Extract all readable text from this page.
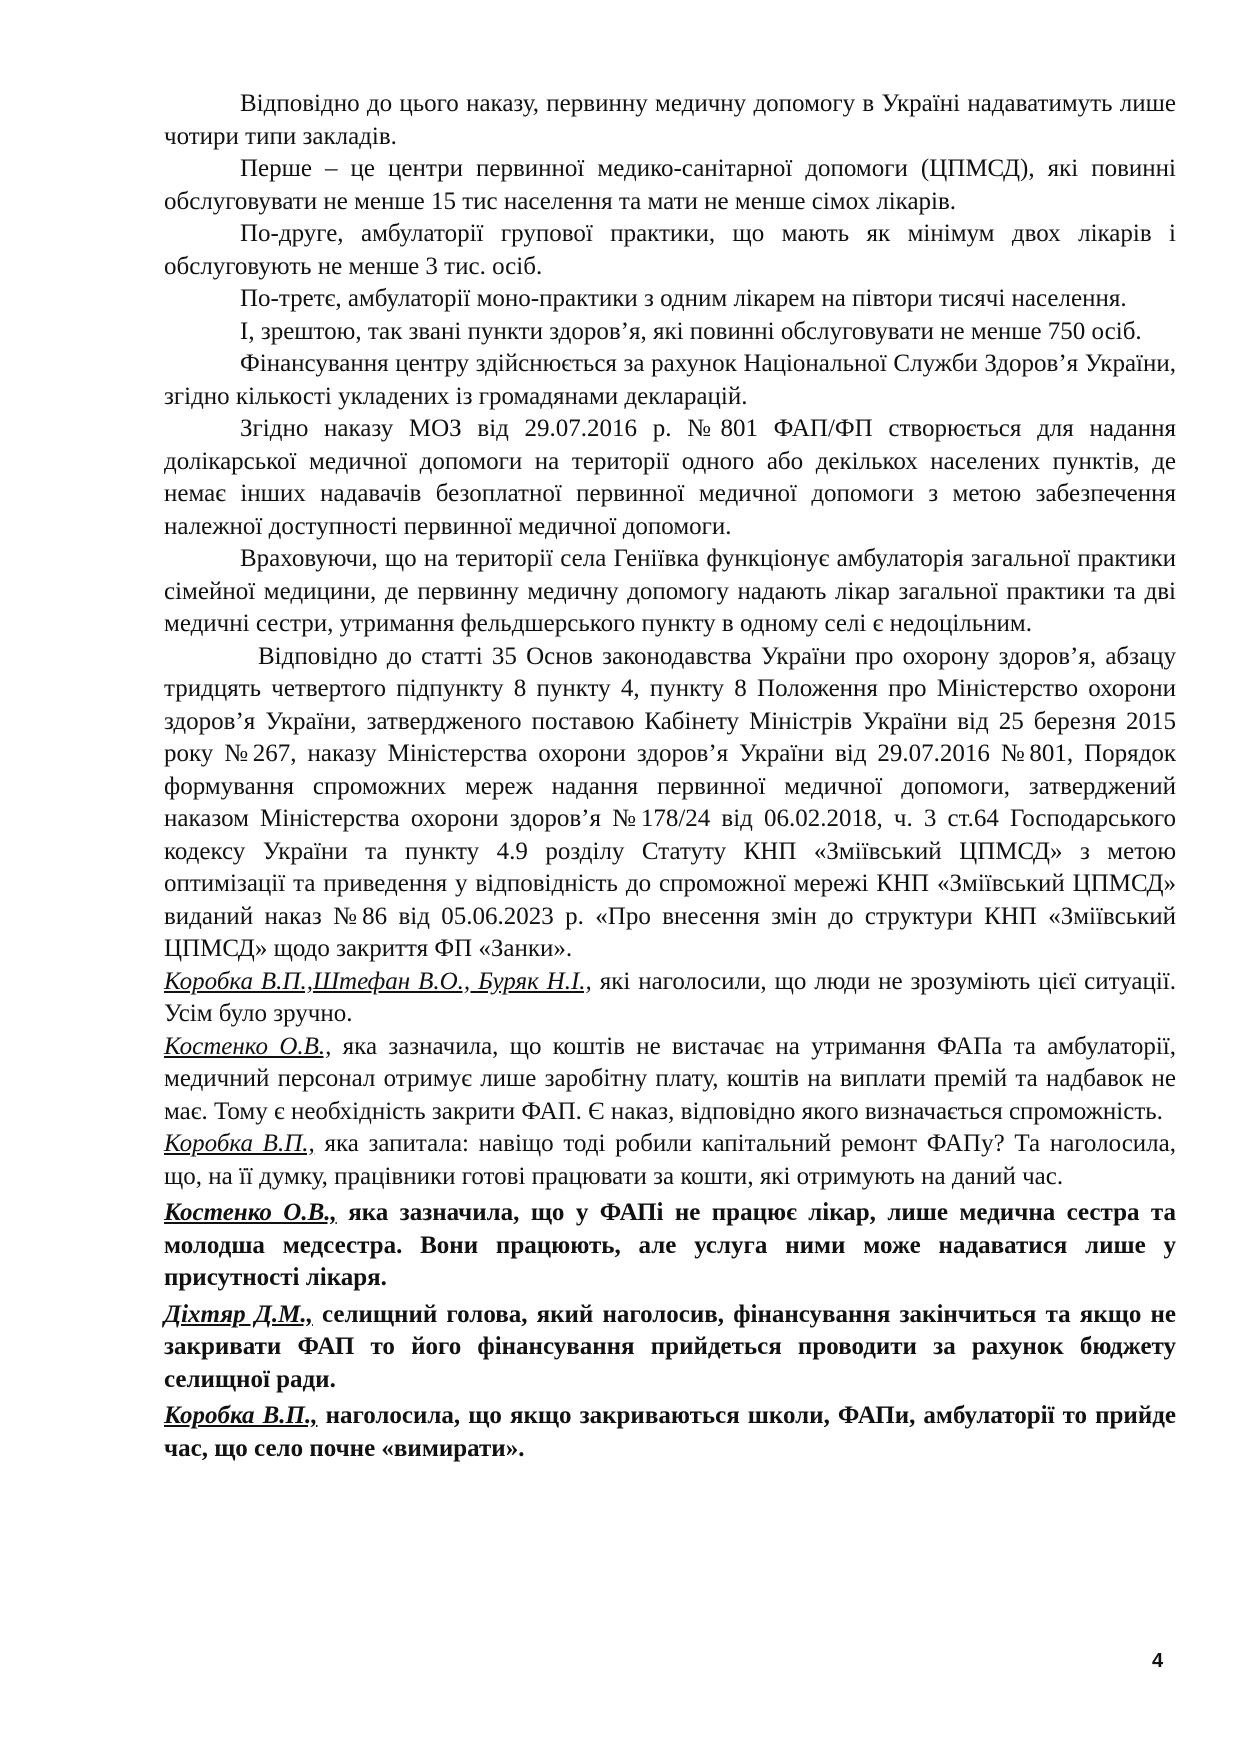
Відповідно до цього наказу, первинну медичну допомогу в Україні надаватимуть лише чотири типи закладів.

Перше – це центри первинної медико-санітарної допомоги (ЦПМСД), які повинні обслуговувати не менше 15 тис населення та мати не менше сімох лікарів.

По-друге, амбулаторії групової практики, що мають як мінімум двох лікарів і обслуговують не менше 3 тис. осіб.

По-третє, амбулаторії моно-практики з одним лікарем на півтори тисячі населення.

І, зрештою, так звані пункти здоров’я, які повинні обслуговувати не менше 750 осіб.

Фінансування центру здійснюється за рахунок Національної Служби Здоров’я України, згідно кількості укладених із громадянами декларацій.

Згідно наказу МОЗ від 29.07.2016 р. №801 ФАП/ФП створюється для надання долікарської медичної допомоги на території одного або декількох населених пунктів, де немає інших надавачів безоплатної первинної медичної допомоги з метою забезпечення належної доступності первинної медичної допомоги.

Враховуючи, що на території села Геніївка функціонує амбулаторія загальної практики сімейної медицини, де первинну медичну допомогу надають лікар загальної практики та дві медичні сестри, утримання фельдшерського пункту в одному селі є недоцільним.

Відповідно до статті 35 Основ законодавства України про охорону здоров’я, абзацу тридцять четвертого підпункту 8 пункту 4, пункту 8 Положення про Міністерство охорони здоров’я України, затвердженого поставою Кабінету Міністрів України від 25 березня 2015 року №267, наказу Міністерства охорони здоров’я України від 29.07.2016 №801, Порядок формування спроможних мереж надання первинної медичної допомоги, затверджений наказом Міністерства охорони здоров’я №178/24 від 06.02.2018, ч. 3 ст.64 Господарського кодексу України та пункту 4.9 розділу Статуту КНП «Зміївський ЦПМСД» з метою оптимізації та приведення у відповідність до спроможної мережі КНП «Зміївський ЦПМСД» виданий наказ №86 від 05.06.2023 р. «Про внесення змін до структури КНП «Зміївський ЦПМСД» щодо закриття ФП «Занки».

Коробка В.П.,Штефан В.О., Буряк Н.І., які наголосили, що люди не зрозуміють цієї ситуації. Усім було зручно.

Костенко О.В., яка зазначила, що коштів не вистачає на утримання ФАПа та амбулаторії, медичний персонал отримує лише заробітну плату, коштів на виплати премій та надбавок не має. Тому є необхідність закрити ФАП. Є наказ, відповідно якого визначається спроможність.

Коробка В.П., яка запитала: навіщо тоді робили капітальний ремонт ФАПу? Та наголосила, що, на її думку, працівники готові працювати за кошти, які отримують на даний час.

Костенко О.В., яка зазначила, що у ФАПі не працює лікар, лише медична сестра та молодша медсестра. Вони працюють, але услуга ними може надаватися лише у присутності лікаря.

Діхтяр Д.М., селищний голова, який наголосив, фінансування закінчиться та якщо не закривати ФАП то його фінансування прийдеться проводити за рахунок бюджету селищної ради.

Коробка В.П., наголосила, що якщо закриваються школи, ФАПи, амбулаторії то прийде час, що село почне «вимирати».

4
